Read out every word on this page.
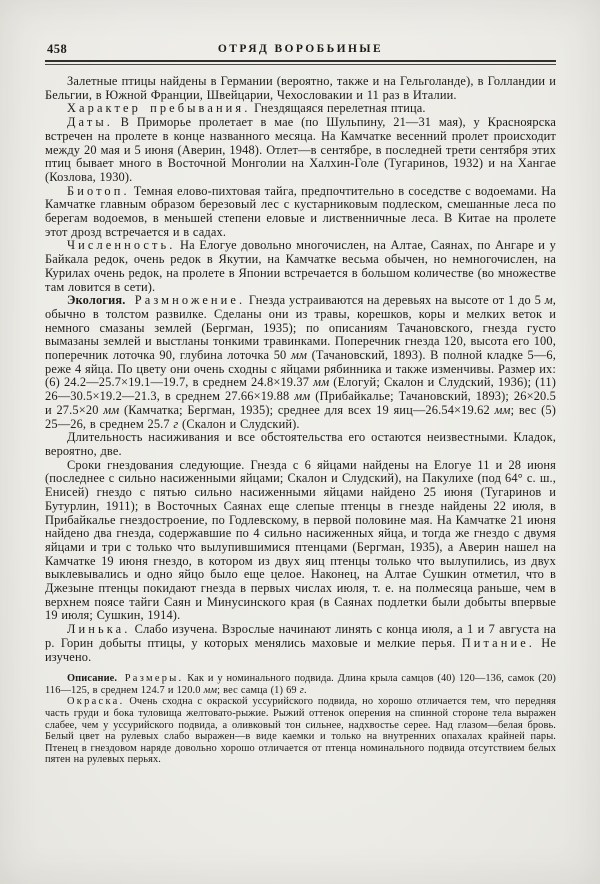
458	ОТРЯД ВОРОБЬИНЫЕ

Залетные птицы найдены в Германии (вероятно, также и на Гельголанде), в Голландии и Бельгии, в Южной Франции, Швейцарии, Чехословакии и 11 раз в Италии.

Характер пребывания. Гнездящаяся перелетная птица.

Даты. В Приморье пролетает в мае (по Шульпину, 21—31 мая), у Красноярска встречен на пролете в конце названного месяца. На Камчатке весенний пролет происходит между 20 мая и 5 июня (Аверин, 1948). Отлет—в сентябре, в последней трети сентября этих птиц бывает много в Восточной Монголии на Халхин-Голе (Тугаринов, 1932) и на Хангае (Козлова, 1930).

Биотоп. Темная елово-пихтовая тайга, предпочтительно в соседстве с водоемами. На Камчатке главным образом березовый лес с кустарниковым подлеском, смешанные леса по берегам водоемов, в меньшей степени еловые и лиственничные леса. В Китае на пролете этот дрозд встречается и в садах.

Численность. На Елогуе довольно многочислен, на Алтае, Саянах, по Ангаре и у Байкала редок, очень редок в Якутии, на Камчатке весьма обычен, но немногочислен, на Курилах очень редок, на пролете в Японии встречается в большом количестве (во множестве там ловится в сети).

Экология. Размножение. Гнезда устраиваются на деревьях на высоте от 1 до 5 м, обычно в толстом развилке. Сделаны они из травы, корешков, коры и мелких веток и немного смазаны землей (Бергман, 1935); по описаниям Тачановского, гнезда густо вымазаны землей и выстланы тонкими травинками. Поперечник гнезда 120, высота его 100, поперечник лоточка 90, глубина лоточка 50 мм (Тачановский, 1893). В полной кладке 5—6, реже 4 яйца. По цвету они очень сходны с яйцами рябинника и также изменчивы. Размер их: (6) 24.2—25.7×19.1—19.7, в среднем 24.8×19.37 мм (Елогуй; Скалон и Слудский, 1936); (11) 26—30.5×19.2—21.3, в среднем 27.66×19.88 мм (Прибайкалье; Тачановский, 1893); 26×20.5 и 27.5×20 мм (Камчатка; Бергман, 1935); среднее для всех 19 яиц—26.54×19.62 мм; вес (5) 25—26, в среднем 25.7 г (Скалон и Слудский).

Длительность насиживания и все обстоятельства его остаются неизвестными. Кладок, вероятно, две.

Сроки гнездования следующие. Гнезда с 6 яйцами найдены на Елогуе 11 и 28 июня (последнее с сильно насиженными яйцами; Скалон и Слудский), на Пакулихе (под 64° с. ш., Енисей) гнездо с пятью сильно насиженными яйцами найдено 25 июня (Тугаринов и Бутурлин, 1911); в Восточных Саянах еще слепые птенцы в гнезде найдены 22 июля, в Прибайкалье гнездостроение, по Годлевскому, в первой половине мая. На Камчатке 21 июня найдено два гнезда, содержавшие по 4 сильно насиженных яйца, и тогда же гнездо с двумя яйцами и три с только что вылупившимися птенцами (Бергман, 1935), а Аверин нашел на Камчатке 19 июня гнездо, в котором из двух яиц птенцы только что вылупились, из двух выклевывались и одно яйцо было еще целое. Наконец, на Алтае Сушкин отметил, что в Джезыне птенцы покидают гнезда в первых числах июля, т. е. на полмесяца раньше, чем в верхнем поясе тайги Саян и Минусинского края (в Саянах подлетки были добыты впервые 19 июля; Сушкин, 1914).

Линька. Слабо изучена. Взрослые начинают линять с конца июля, а 1 и 7 августа на р. Горин добыты птицы, у которых менялись маховые и мелкие перья. Питание. Не изучено.

Описание. Размеры. Как и у номинального подвида. Длина крыла самцов (40) 120—136, самок (20) 116—125, в среднем 124.7 и 120.0 мм; вес самца (1) 69 г.

Окраска. Очень сходна с окраской уссурийского подвида, но хорошо отличается тем, что передняя часть груди и бока туловища желтовато-рыжие. Рыжий оттенок оперения на спинной стороне тела выражен слабее, чем у уссурийского подвида, а оливковый тон сильнее, надхвостье серее. Над глазом—белая бровь. Белый цвет на рулевых слабо выражен—в виде каемки и только на внутренних опахалах крайней пары. Птенец в гнездовом наряде довольно хорошо отличается от птенца номинального подвида отсутствием белых пятен на рулевых перьях.
